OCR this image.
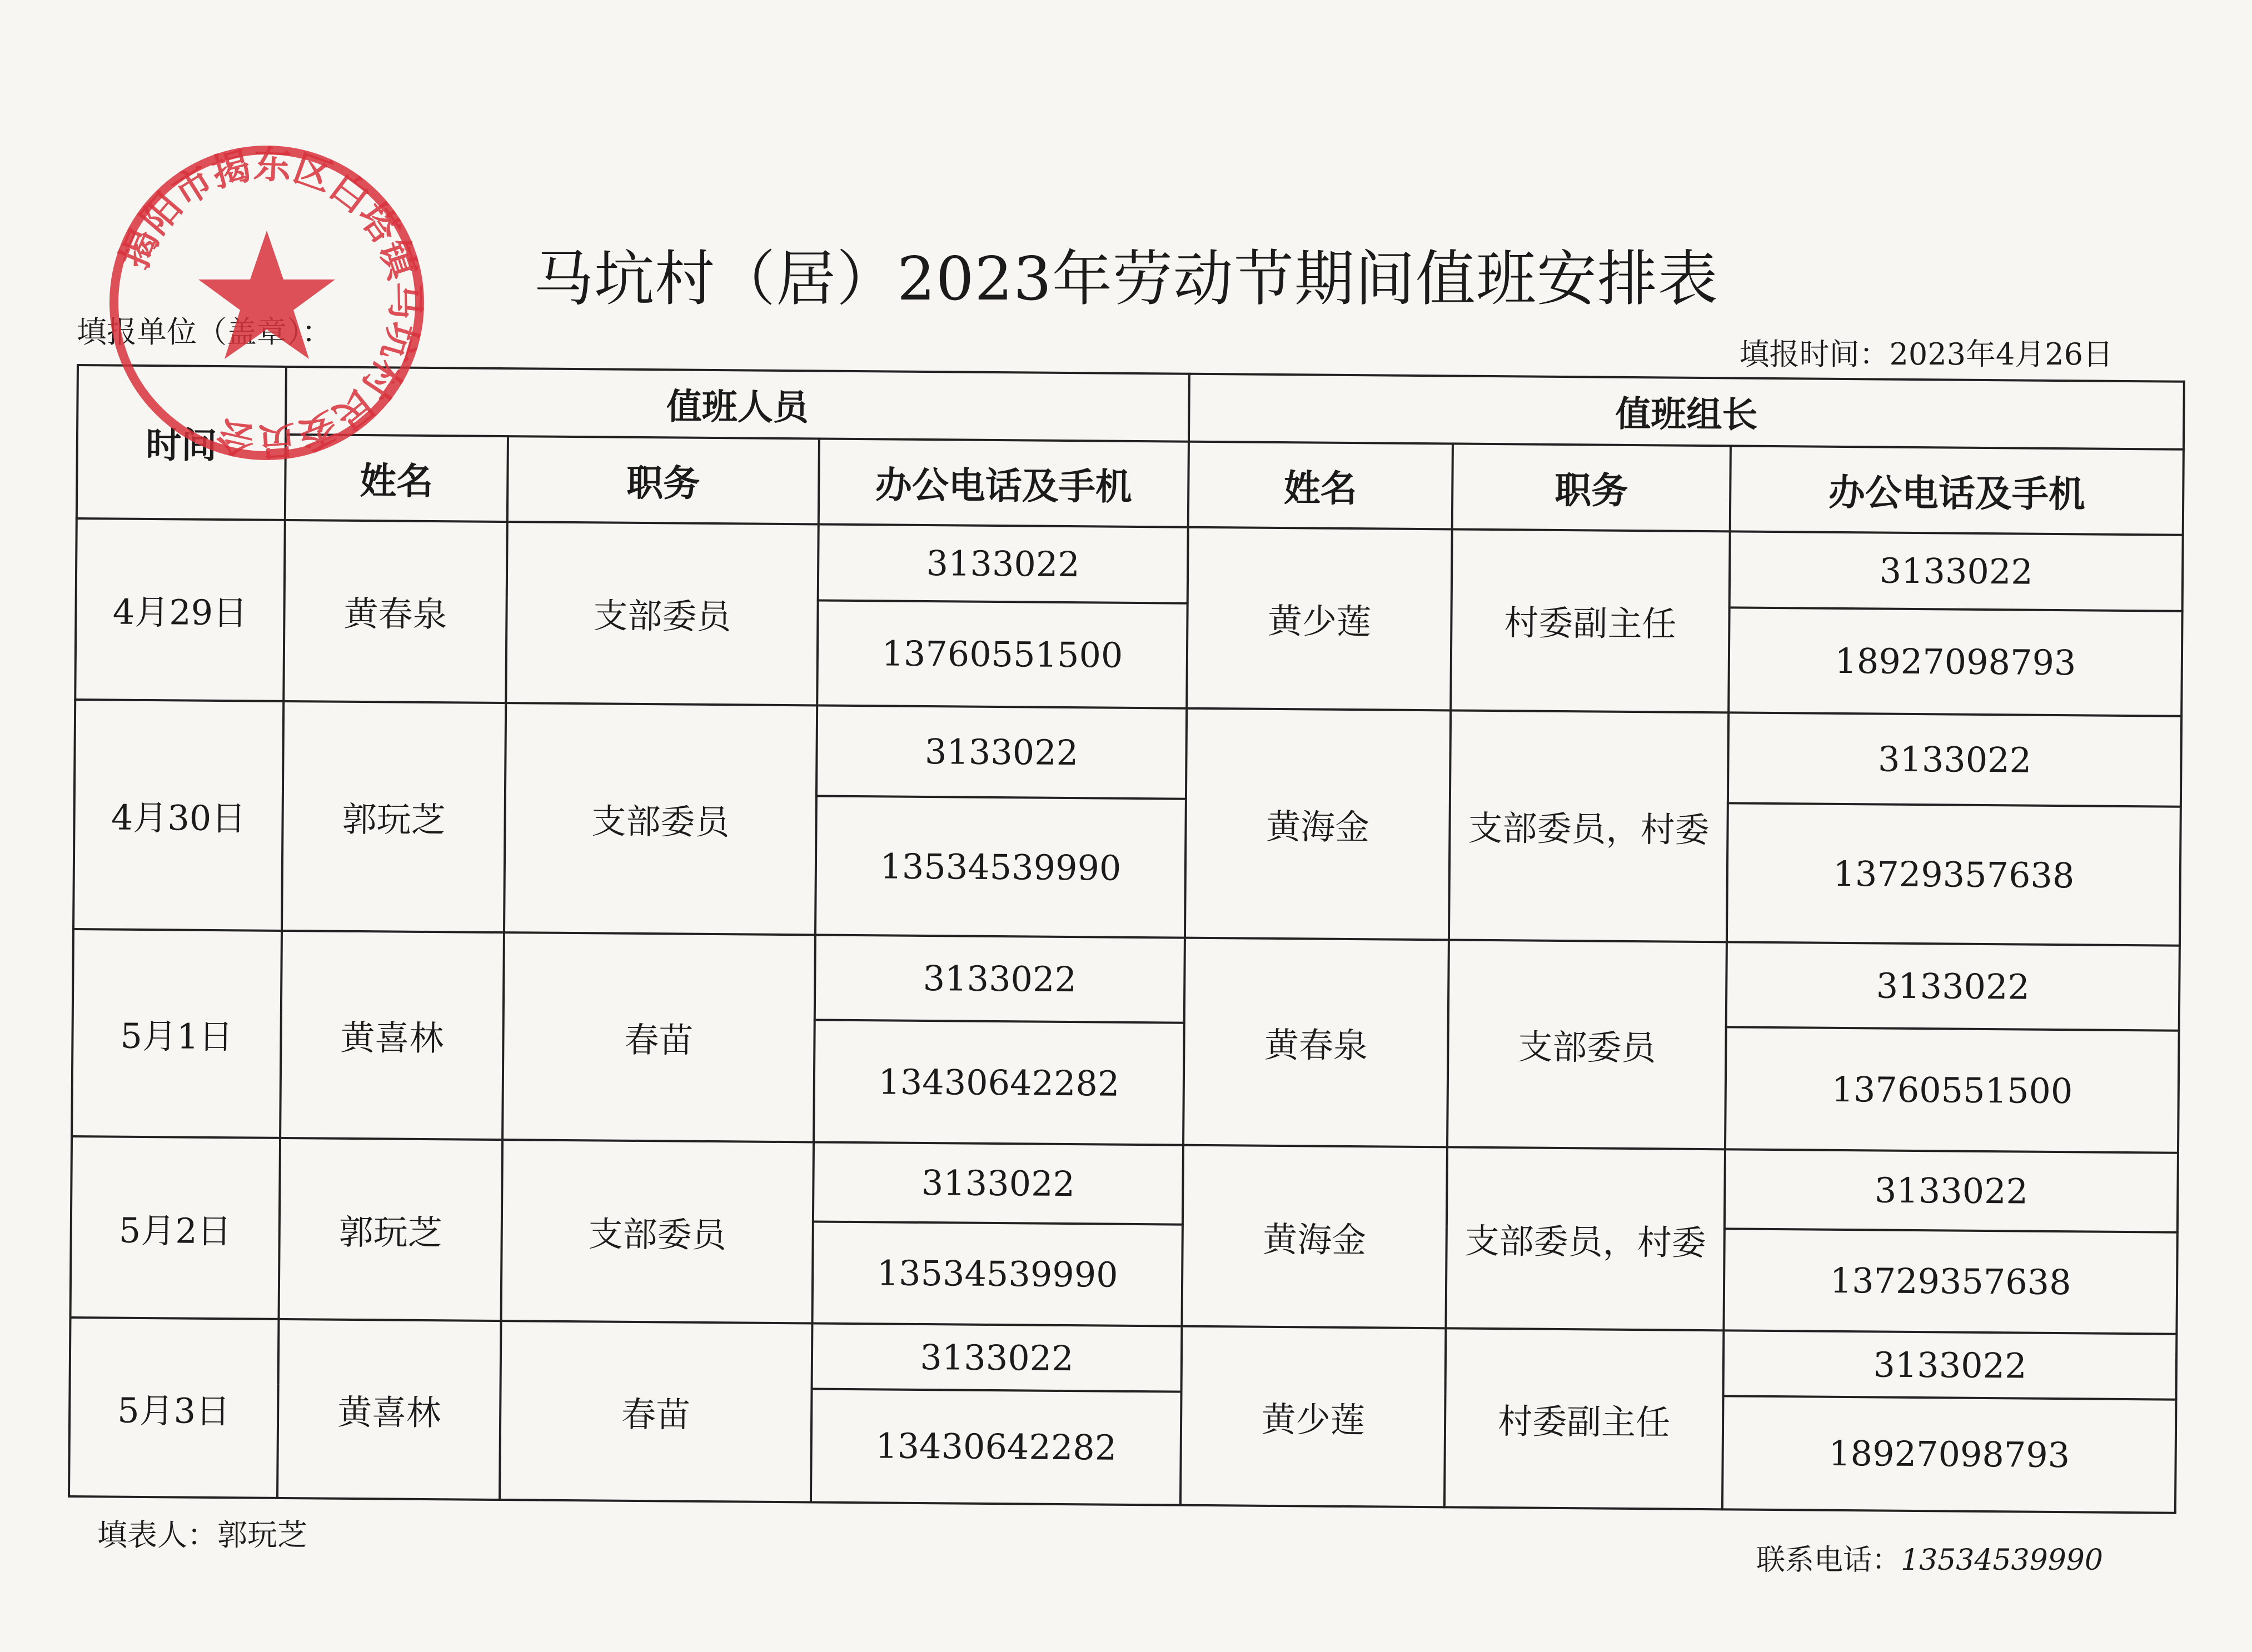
马坑村（居）2023年劳动节期间值班安排表
填报单位（盖章）：
填报时间：2023年4月26日
时间	值班人员			值班组长		
	姓名	职务	办公电话及手机	姓名	职务	办公电话及手机
4月29日	黄春泉	支部委员	3133022	黄少莲	村委副主任	3133022
			13760551500			18927098793
4月30日	郭玩芝	支部委员	3133022	黄海金	支部委员，村委	3133022
			13534539990			13729357638
5月1日	黄喜林	春苗	3133022	黄春泉	支部委员	3133022
			13430642282			13760551500
5月2日	郭玩芝	支部委员	3133022	黄海金	支部委员，村委	3133022
			13534539990			13729357638
5月3日	黄喜林	春苗	3133022	黄少莲	村委副主任	3133022
			13430642282			18927098793
填表人：郭玩芝
联系电话：13534539990
揭阳市揭东区白塔镇马坑村民委员会
